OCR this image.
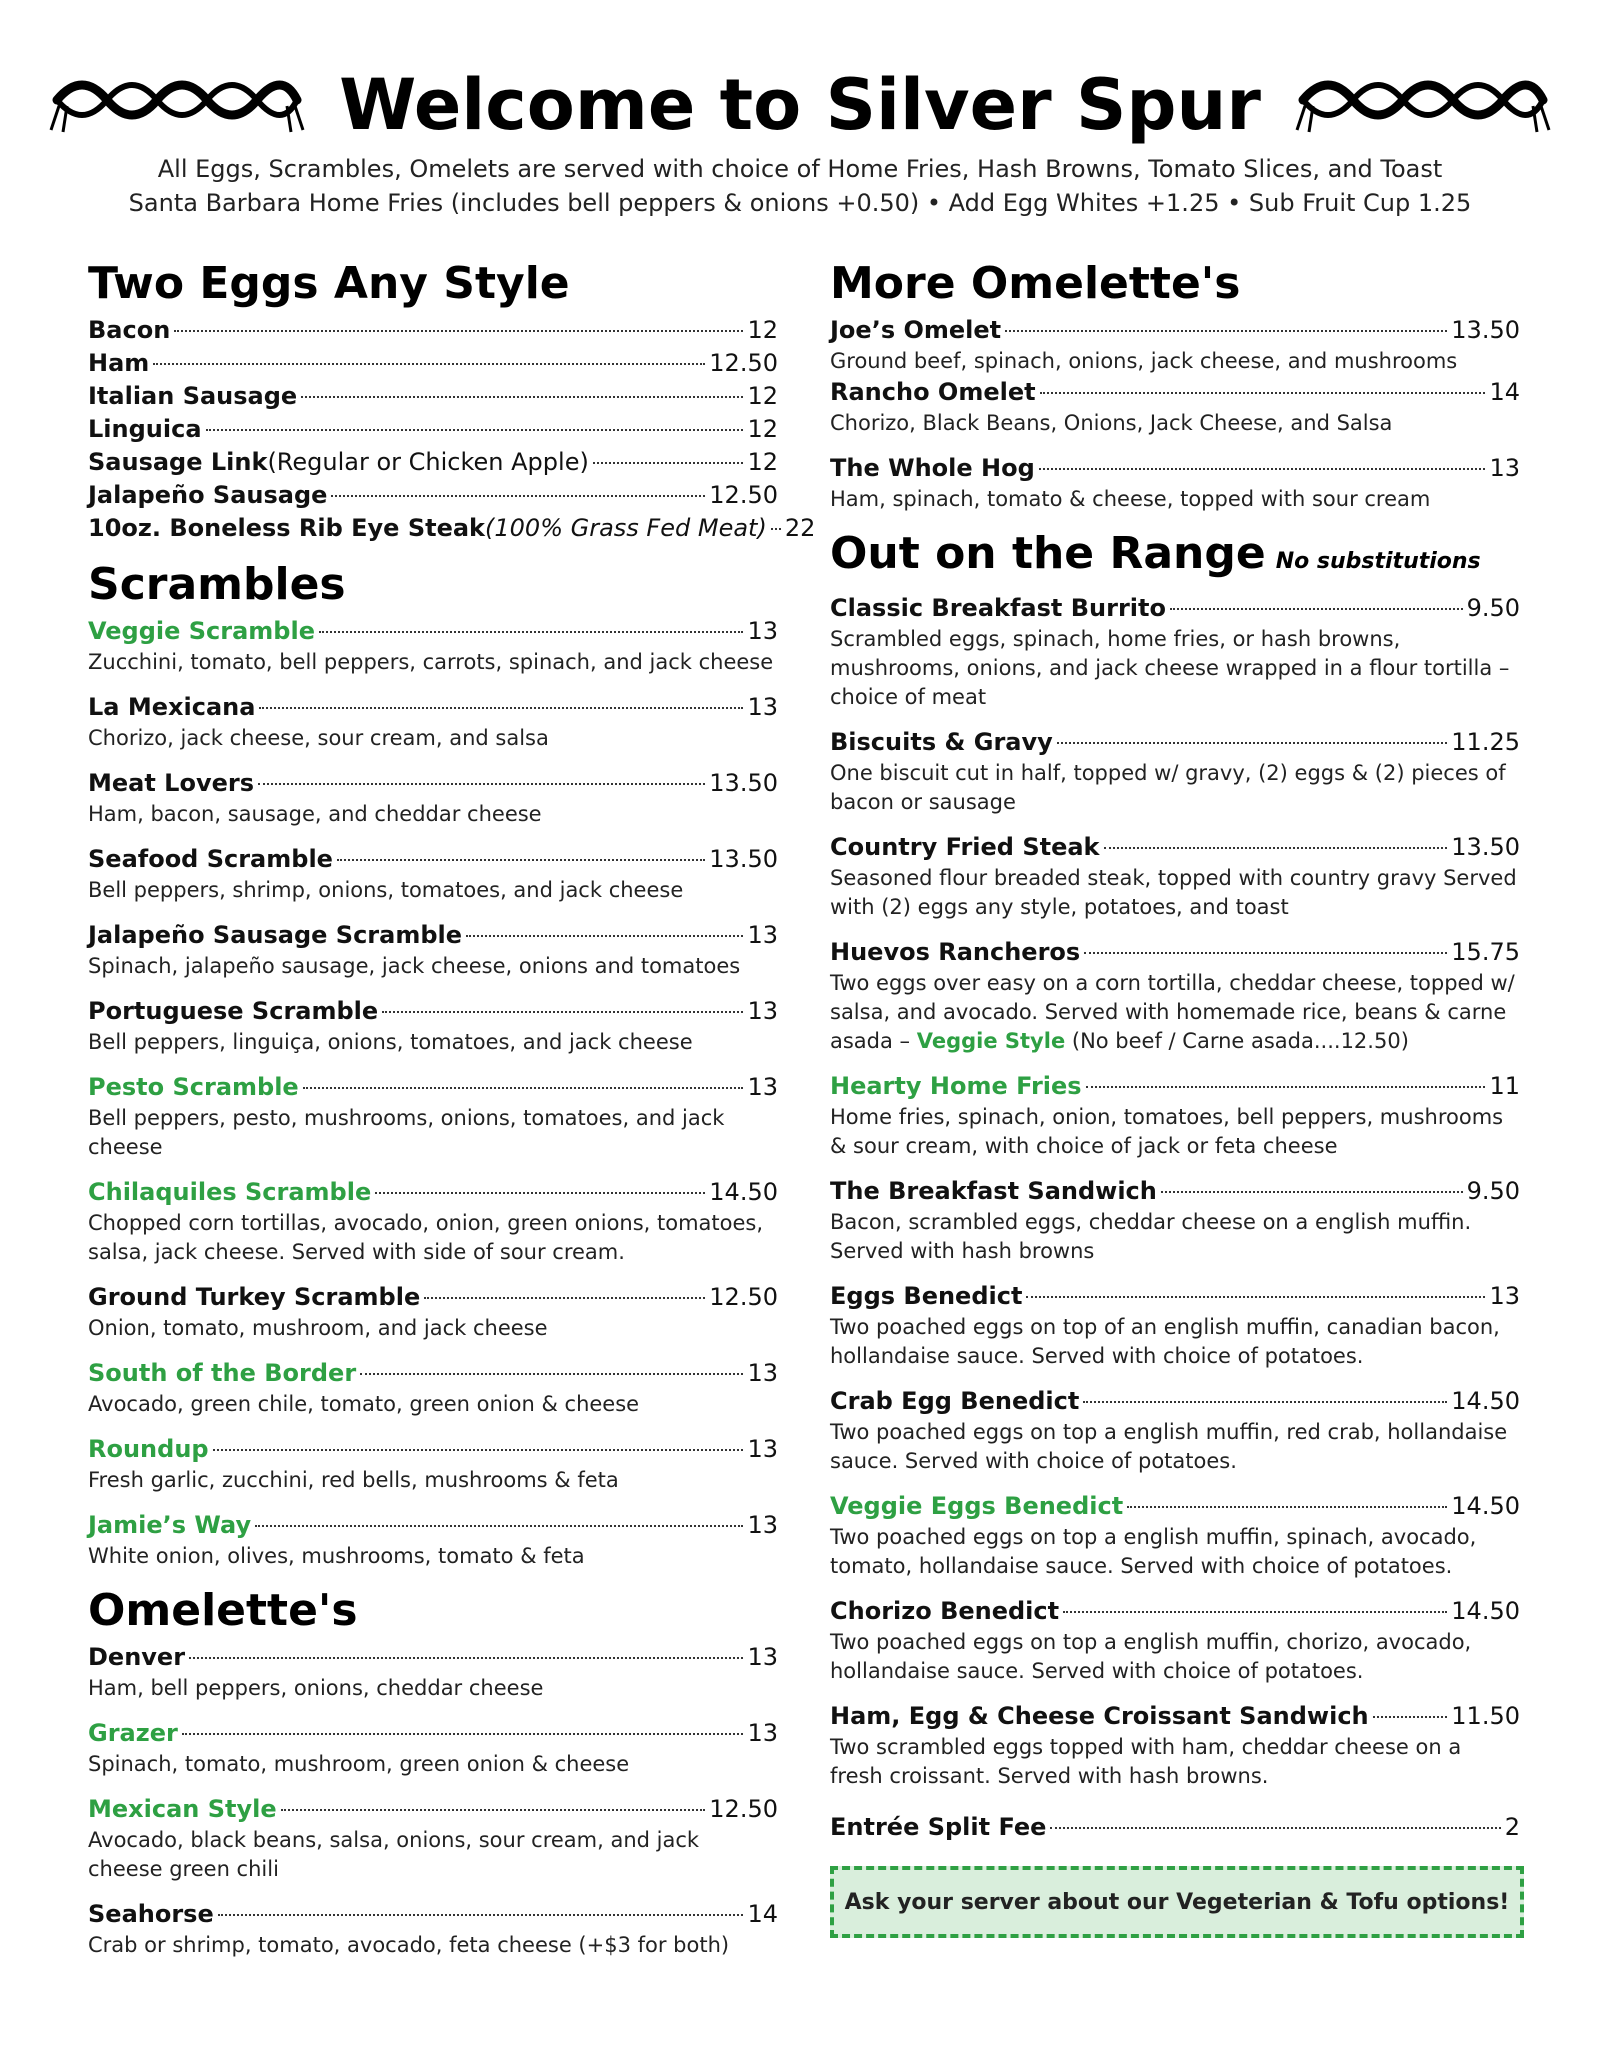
Welcome to Silver Spur
All Eggs, Scrambles, Omelets are served with choice of Home Fries, Hash Browns, Tomato Slices, and Toast
Santa Barbara Home Fries (includes bell peppers & onions +0.50) • Add Egg Whites +1.25 • Sub Fruit Cup 1.25
Two Eggs Any Style
Bacon	12
Ham	12.50
Italian Sausage	12
Linguica	12
Sausage Link (Regular or Chicken Apple)	12
Jalapeño Sausage	12.50
10oz. Boneless Rib Eye Steak (100% Grass Fed Meat) 22
Scrambles
Veggie Scramble	13
Zucchini, tomato, bell peppers, carrots, spinach, and jack cheese
La Mexicana	13
Chorizo, jack cheese, sour cream, and salsa
Meat Lovers	13.50
Ham, bacon, sausage, and cheddar cheese
Seafood Scramble	13.50
Bell peppers, shrimp, onions, tomatoes, and jack cheese
Jalapeño Sausage Scramble	13
Spinach, jalapeño sausage, jack cheese, onions and tomatoes
Portuguese Scramble	13
Bell peppers, linguiça, onions, tomatoes, and jack cheese
Pesto Scramble	13
Bell peppers, pesto, mushrooms, onions, tomatoes, and jack cheese
Chilaquiles Scramble	14.50
Chopped corn tortillas, avocado, onion, green onions, tomatoes, salsa, jack cheese. Served with side of sour cream.
Ground Turkey Scramble	12.50
Onion, tomato, mushroom, and jack cheese
South of the Border	13
Avocado, green chile, tomato, green onion & cheese
Roundup	13
Fresh garlic, zucchini, red bells, mushrooms & feta
Jamie’s Way	13
White onion, olives, mushrooms, tomato & feta
Omelette's
Denver	13
Ham, bell peppers, onions, cheddar cheese
Grazer	13
Spinach, tomato, mushroom, green onion & cheese
Mexican Style	12.50
Avocado, black beans, salsa, onions, sour cream, and jack cheese green chili
Seahorse	14
Crab or shrimp, tomato, avocado, feta cheese (+$3 for both)
More Omelette's
Joe’s Omelet	13.50
Ground beef, spinach, onions, jack cheese, and mushrooms
Rancho Omelet	14
Chorizo, Black Beans, Onions, Jack Cheese, and Salsa
The Whole Hog	13
Ham, spinach, tomato & cheese, topped with sour cream
Out on the Range No substitutions
Classic Breakfast Burrito	9.50
Scrambled eggs, spinach, home fries, or hash browns, mushrooms, onions, and jack cheese wrapped in a flour tortilla – choice of meat
Biscuits & Gravy	11.25
One biscuit cut in half, topped w/ gravy, (2) eggs & (2) pieces of bacon or sausage
Country Fried Steak	13.50
Seasoned flour breaded steak, topped with country gravy Served with (2) eggs any style, potatoes, and toast
Huevos Rancheros	15.75
Two eggs over easy on a corn tortilla, cheddar cheese, topped w/ salsa, and avocado. Served with homemade rice, beans & carne asada – Veggie Style (No beef / Carne asada....12.50)
Hearty Home Fries	11
Home fries, spinach, onion, tomatoes, bell peppers, mushrooms & sour cream, with choice of jack or feta cheese
The Breakfast Sandwich	9.50
Bacon, scrambled eggs, cheddar cheese on a english muffin. Served with hash browns
Eggs Benedict	13
Two poached eggs on top of an english muffin, canadian bacon, hollandaise sauce. Served with choice of potatoes.
Crab Egg Benedict	14.50
Two poached eggs on top a english muffin, red crab, hollandaise sauce. Served with choice of potatoes.
Veggie Eggs Benedict	14.50
Two poached eggs on top a english muffin, spinach, avocado, tomato, hollandaise sauce. Served with choice of potatoes.
Chorizo Benedict	14.50
Two poached eggs on top a english muffin, chorizo, avocado, hollandaise sauce. Served with choice of potatoes.
Ham, Egg & Cheese Croissant Sandwich	11.50
Two scrambled eggs topped with ham, cheddar cheese on a fresh croissant. Served with hash browns.
Entrée Split Fee	2
Ask your server about our Vegeterian & Tofu options!
